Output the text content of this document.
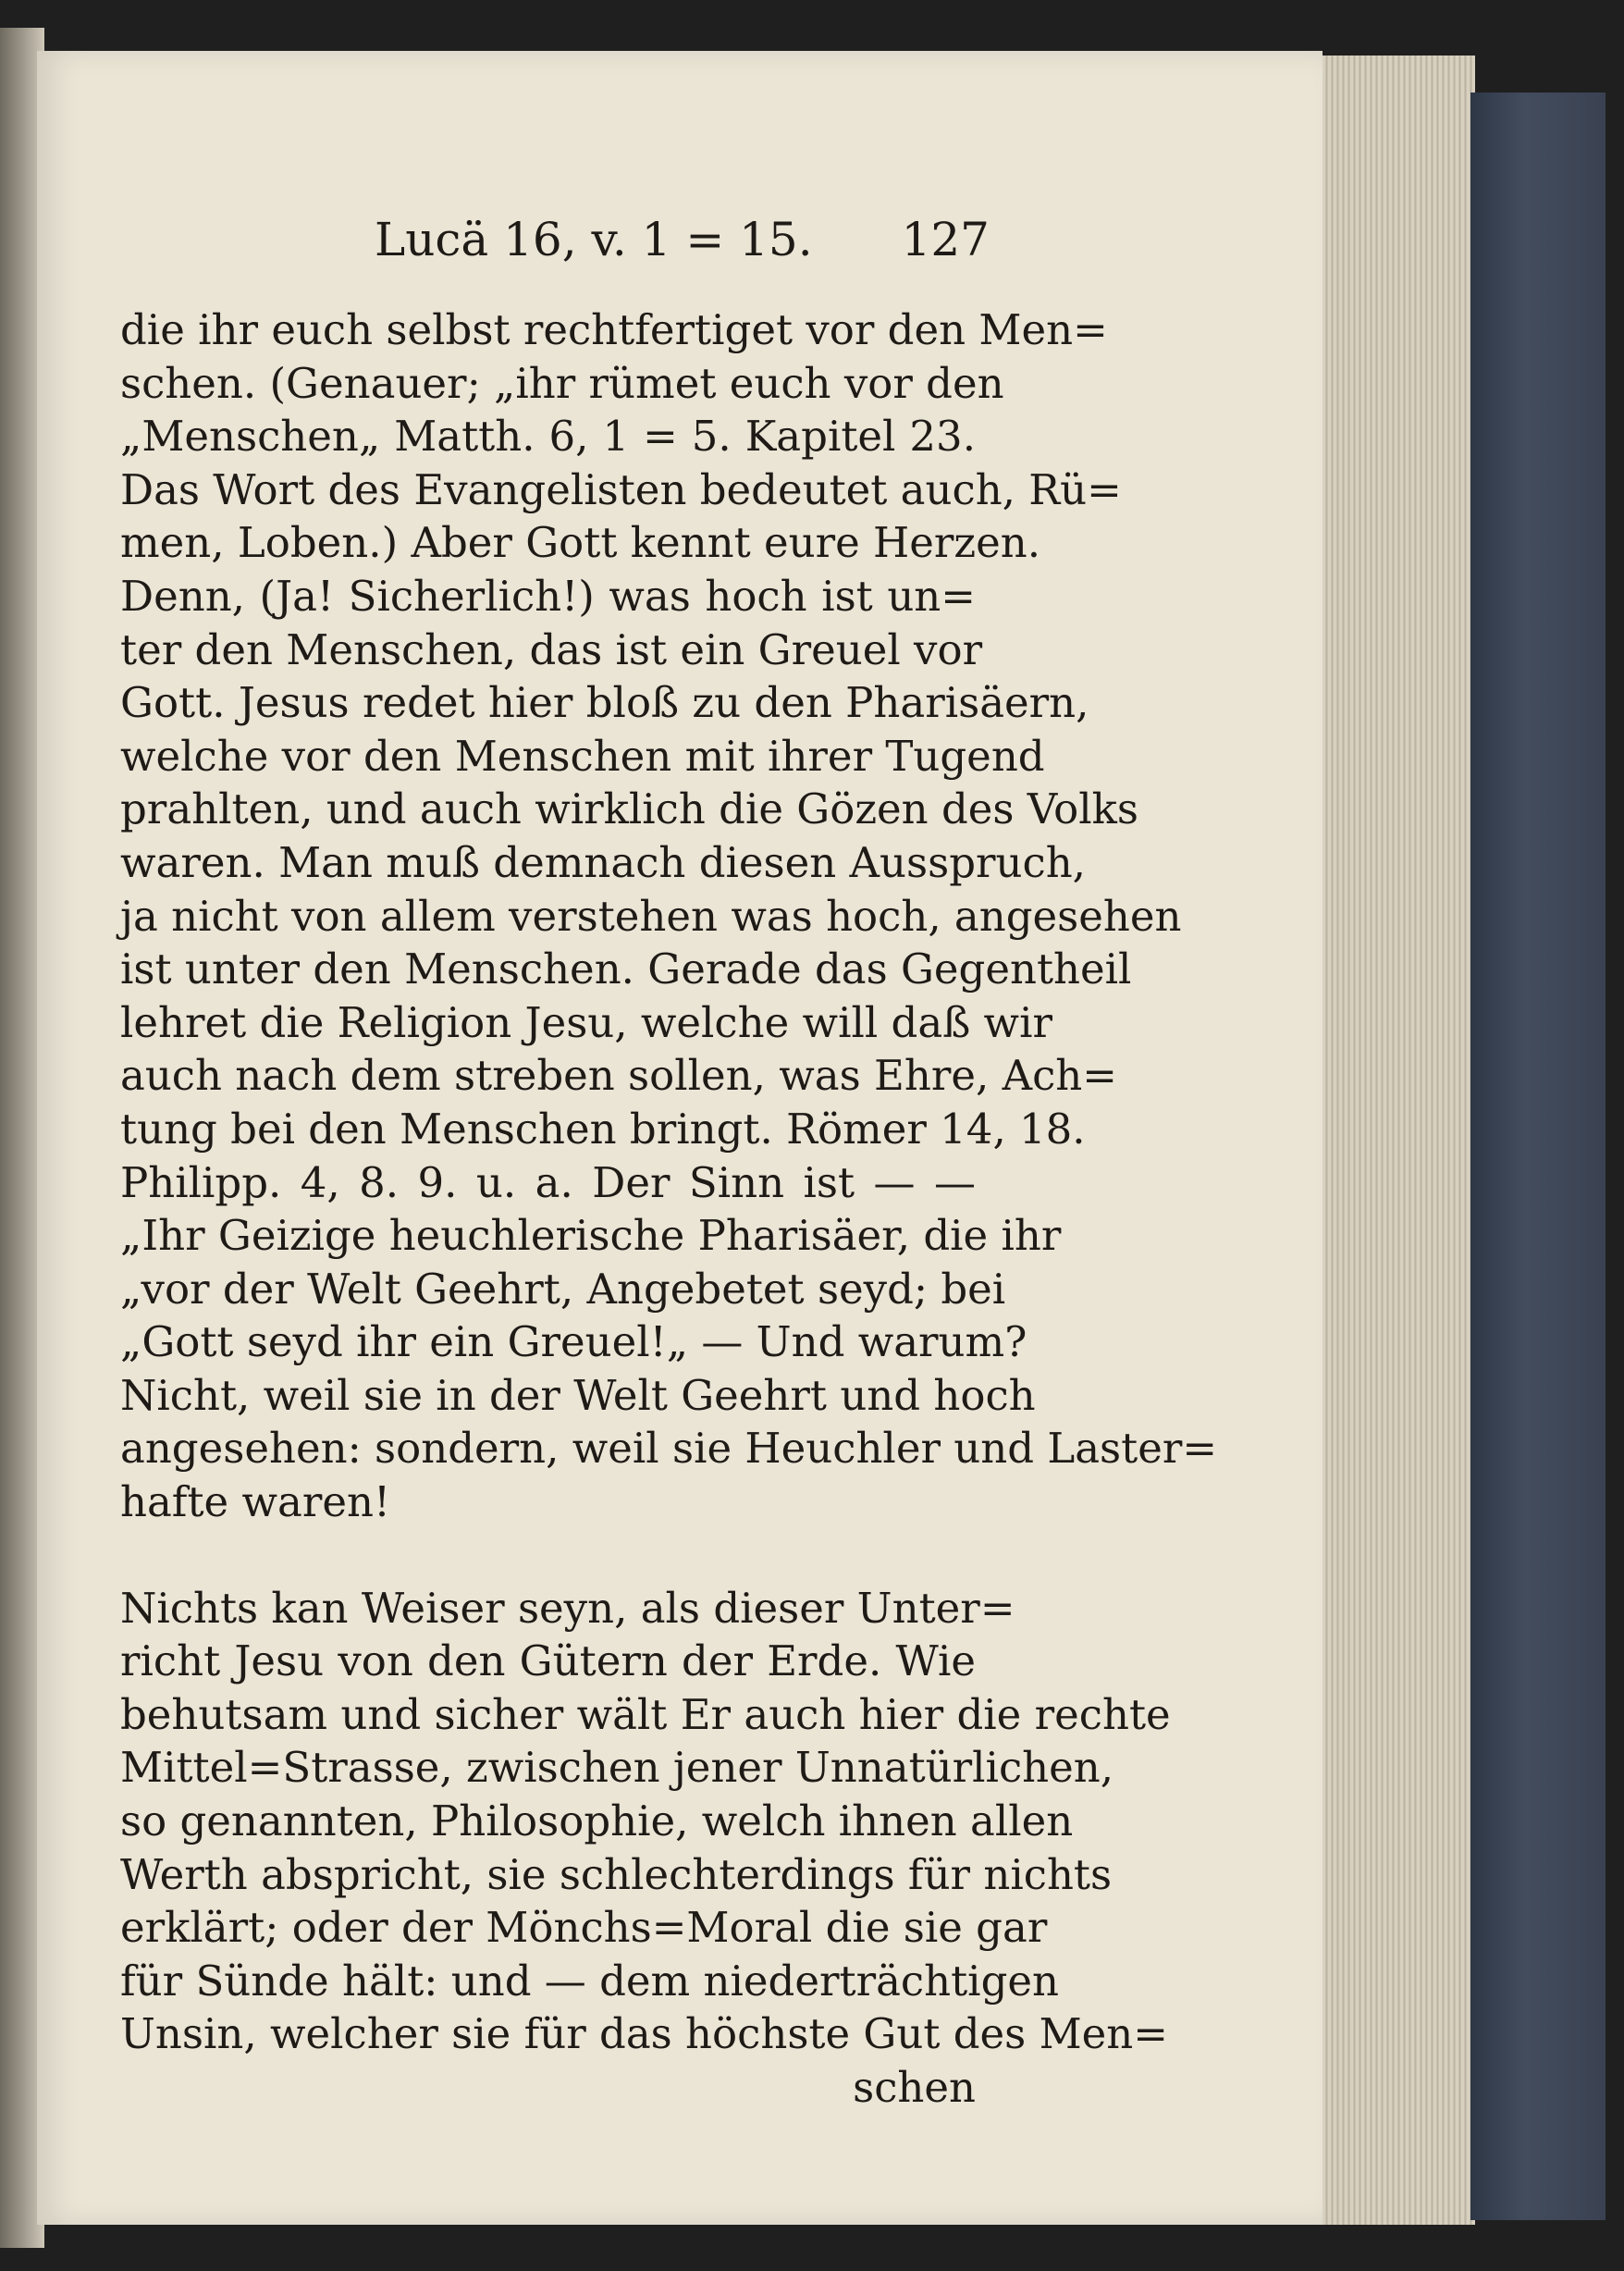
Lucä 16, v. 1 = 15. 127
die ihr euch selbst rechtfertiget vor den Men=
schen. (Genauer; „ihr rümet euch vor den
„Menschen„ Matth. 6, 1 = 5. Kapitel 23.
Das Wort des Evangelisten bedeutet auch, Rü=
men, Loben.) Aber Gott kennt eure Herzen.
Denn, (Ja! Sicherlich!) was hoch ist un=
ter den Menschen, das ist ein Greuel vor
Gott. Jesus redet hier bloß zu den Pharisäern,
welche vor den Menschen mit ihrer Tugend
prahlten, und auch wirklich die Gözen des Volks
waren. Man muß demnach diesen Ausspruch,
ja nicht von allem verstehen was hoch, angesehen
ist unter den Menschen. Gerade das Gegentheil
lehret die Religion Jesu, welche will daß wir
auch nach dem streben sollen, was Ehre, Ach=
tung bei den Menschen bringt. Römer 14, 18.
Philipp. 4, 8. 9. u. a. Der Sinn ist — —
„Ihr Geizige heuchlerische Pharisäer, die ihr
„vor der Welt Geehrt, Angebetet seyd; bei
„Gott seyd ihr ein Greuel!„ — Und warum?
Nicht, weil sie in der Welt Geehrt und hoch
angesehen: sondern, weil sie Heuchler und Laster=
hafte waren!
Nichts kan Weiser seyn, als dieser Unter=
richt Jesu von den Gütern der Erde. Wie
behutsam und sicher wält Er auch hier die rechte
Mittel=Strasse, zwischen jener Unnatürlichen,
so genannten, Philosophie, welch ihnen allen
Werth abspricht, sie schlechterdings für nichts
erklärt; oder der Mönchs=Moral die sie gar
für Sünde hält: und — dem niederträchtigen
Unsin, welcher sie für das höchste Gut des Men=
schen
